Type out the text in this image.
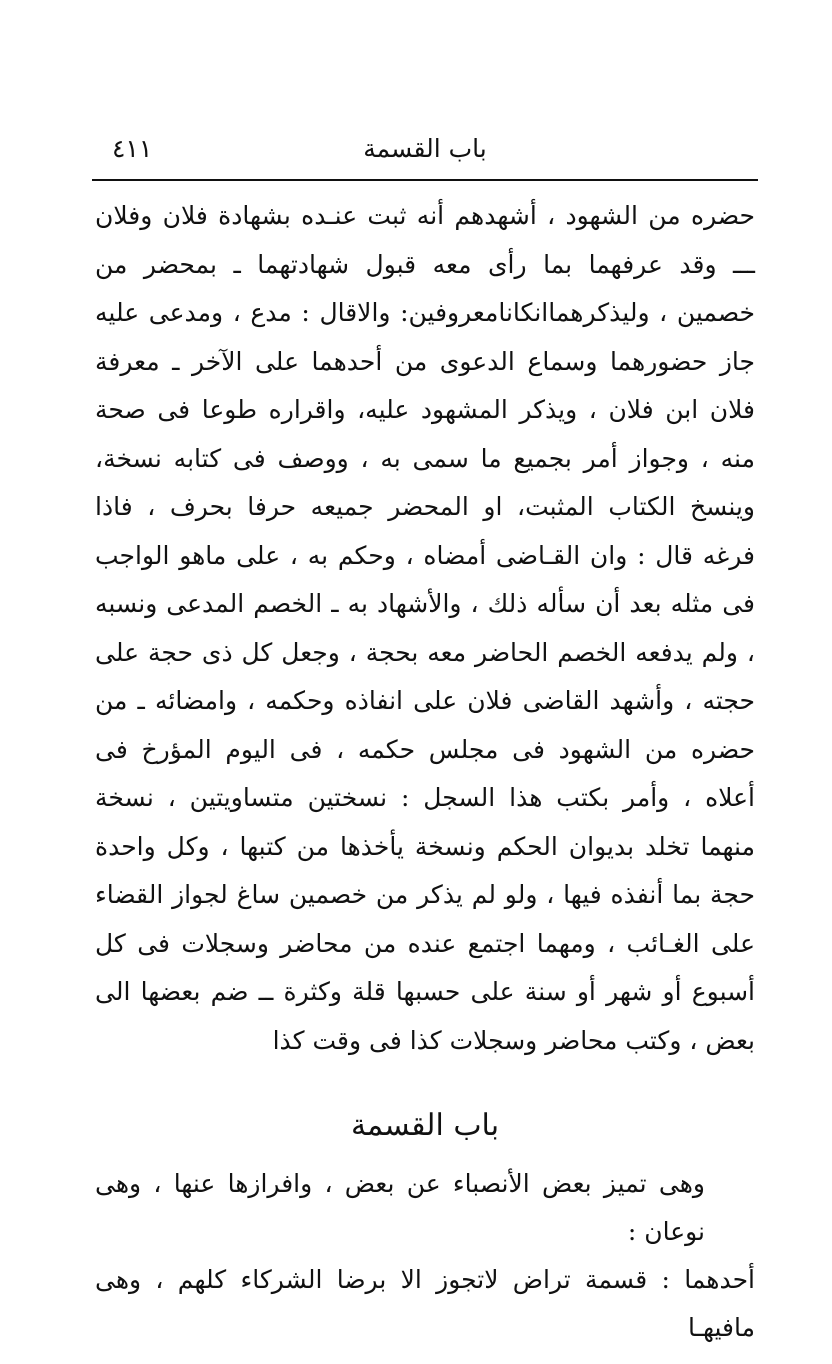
باب القسمة
٤١١

حضره من الشهود ، أشهدهم أنه ثبت عنـده بشهادة فلان وفلان ـــ وقد عرفهما بما رأى معه قبول شهادتهما ـ بمحضر من خصمين ، وليذكرهماانكانامعروفين: والاقال : مدع ، ومدعى عليه جاز حضورهما وسماع الدعوى من أحدهما على الآخر ـ معرفة فلان ابن فلان ، ويذكر المشهود عليه، واقراره طوعا فى صحة منه ، وجواز أمر بجميع ما سمى به ، ووصف فى كتابه نسخة، وينسخ الكتاب المثبت، او المحضر جميعه حرفا بحرف ، فاذا فرغه قال : وان القـاضى أمضاه ، وحكم به ، على ماهو الواجب فى مثله بعد أن سأله ذلك ، والأشهاد به ـ الخصم المدعى ونسبه ، ولم يدفعه الخصم الحاضر معه بحجة ، وجعل كل ذى حجة على حجته ، وأشهد القاضى فلان على انفاذه وحكمه ، وامضائه ـ من حضره من الشهود فى مجلس حكمه ، فى اليوم المؤرخ فى أعلاه ، وأمر بكتب هذا السجل : نسختين متساويتين ، نسخة منهما تخلد بديوان الحكم ونسخة يأخذها من كتبها ، وكل واحدة حجة بما أنفذه فيها ، ولو لم يذكر من خصمين ساغ لجواز القضاء على الغـائب ، ومهما اجتمع عنده من محاضر وسجلات فى كل أسبوع أو شهر أو سنة على حسبها قلة وكثرة ــ ضم بعضها الى بعض ، وكتب محاضر وسجلات كذا فى وقت كذا

باب القسمة

وهى تميز بعض الأنصباء عن بعض ، وافرازها عنها ، وهى نوعان :

أحدهما : قسمة تراض لاتجوز الا برضا الشركاء كلهم ، وهى مافيهـا
